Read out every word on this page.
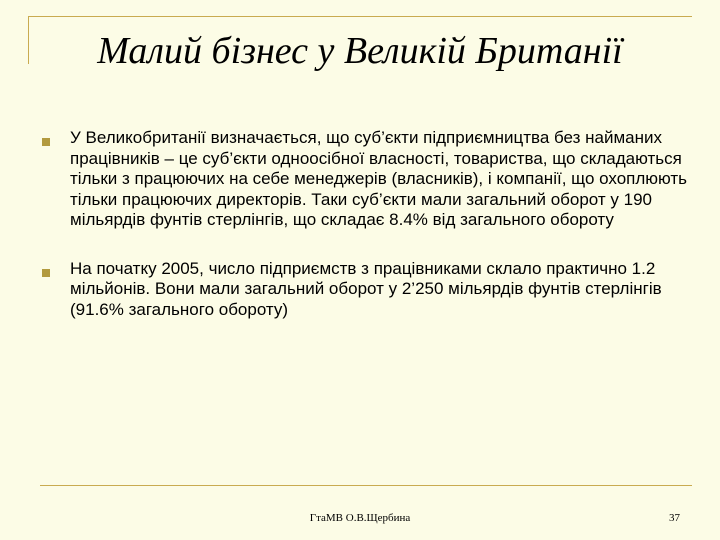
Малий бізнес у Великій Британії
У Великобританії визначається, що суб’єкти підприємництва без найманих працівників – це суб’єкти одноосібної власності, товариства, що складаються тільки з працюючих на себе менеджерів (власників), і компанії, що охоплюють тільки працюючих директорів. Таки суб’єкти мали загальний оборот у 190 мільярдів фунтів стерлінгів, що складає 8.4% від загального обороту
На початку 2005, число підприємств з працівниками склало практично 1.2 мільйонів. Вони мали загальний оборот у 2’250 мільярдів фунтів стерлінгів (91.6% загального обороту)
ГтаМВ О.В.Щербина	37
